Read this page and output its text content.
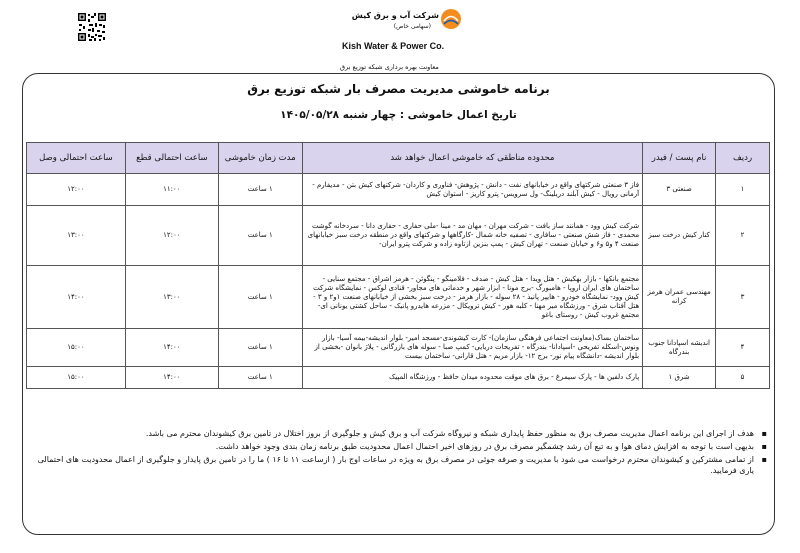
شرکت آب و برق کیش
(سهامی خاص)
Kish Water & Power Co.
معاونت بهره برداری شبکه توزیع برق
برنامه خاموشی مدیریت مصرف بار شبکه توزیع برق
تاریخ اعمال خاموشی : چهار شنبه ۱۴۰۵/۰۵/۲۸
ردیف	نام پست / فیدر	محدوده مناطقی که خاموشی اعمال خواهد شد	مدت زمان خاموشی	ساعت احتمالی قطع	ساعت احتمالی وصل
۱	صنعتی ۳	فاز ۳ صنعتی شرکتهای واقع در خیابانهای نفت - دانش - پژوهش- فناوری و کاردان- شرکتهای کیش بتن - مدیفارم - آرمانی رویال - کیش آبلند دریلینگ- ول سرویس- پترو کاریز - استوان کیش	۱ ساعت	۱۱:۰۰	۱۲:۰۰
۲	کنار کیش درخت سبز	شرکت کیش وود - همانند ساز بافت - شرکت مهران - مهان مد - مینا -ملی حفاری - حفاری دانا - سردخانه گوشت محمدی - فاز شش صنعتی - سافاری - تصفیه خانه شمال -کارگاهها و شرکتهای واقع در منطقه درخت سبز خیابانهای صنعت ۴ و۵ و۶ و خیابان صنعت - تهران کیش - پمپ بنزین ازتاوه زاده و شرکت پترو ایران-	۱ ساعت	۱۲:۰۰	۱۳:۰۰
۳	مهندسی عمران هرمز کرانه	مجتمع بانکها - بازار بهکیش - هتل ویدا - هتل کیش - صدف - فلامینگو - پنگوئن - هرمز اشراق - مجتمع سنایی - ساختمان های ایران اروپا - هامبورگ -برج مونا - ابزار شهر و خدماتی های مجاور- قنادی لوکس - نمایشگاه شرکت کیش وود- نمایشگاه خودرو - هایپر پانیذ - ۲۸ سوله - بازار هرمز - درخت سبز بخشی از خیابانهای صنعت ۱و۲ و ۳ - هتل آفتاب شرق - ورزشگاه میر مهنا - کلبه هور - کیش ترویکال - مزرعه هایدرو پانیک - ساحل کشتی یونانی ای- مجتمع غروب کیش - روستای باغو	۱ ساعت	۱۳:۰۰	۱۴:۰۰
۴	اندیشه اسپادانا جنوب بندرگاه	ساختمان بساک(معاونت اجتماعی فرهنگی سازمان)- کارت کیشوندی-مسجد امیر- بلوار اندیشه-بیمه آسیا- بازار ونوس-اسکله تفریحی -اسپادانا- بندرگاه - تفریحات دریایی- کمپ صبا - سوله های بازرگانی - پلاژ بانوان -بخشی از بلوار اندیشه -دانشگاه پیام نور- برج ۱۲- بازار مریم - هتل قارانی- ساختمان بیست	۱ ساعت	۱۴:۰۰	۱۵:۰۰
۵	شرق ۱	پارک دلفین ها - پارک سیمرغ - برق های موقت محدوده میدان حافظ - ورزشگاه المپیک	۱ ساعت	۱۴:۰۰	۱۵:۰۰
▪
هدف از اجرای این برنامه اعمال مدیریت مصرف برق به منظور حفظ پایداری شبکه و نیروگاه شرکت آب و برق کیش و جلوگیری از بروز اختلال در تامین برق کیشوندان محترم می باشد.
▪
بدیهی است با توجه به افزایش دمای هوا و به تبع آن رشد چشمگیر مصرف برق در روزهای اخیر احتمال اعمال محدودیت طبق برنامه زمان بندی وجود خواهد داشت.
▪
از تمامی مشترکین و کیشوندان محترم درخواست می شود با مدیریت و صرفه جوئی در مصرف برق به ویژه در ساعات اوج بار ( ازساعت ۱۱ تا ۱۶ ) ما را در تامین برق پایدار و جلوگیری از اعمال محدودیت های احتمالی یاری فرمایید.
